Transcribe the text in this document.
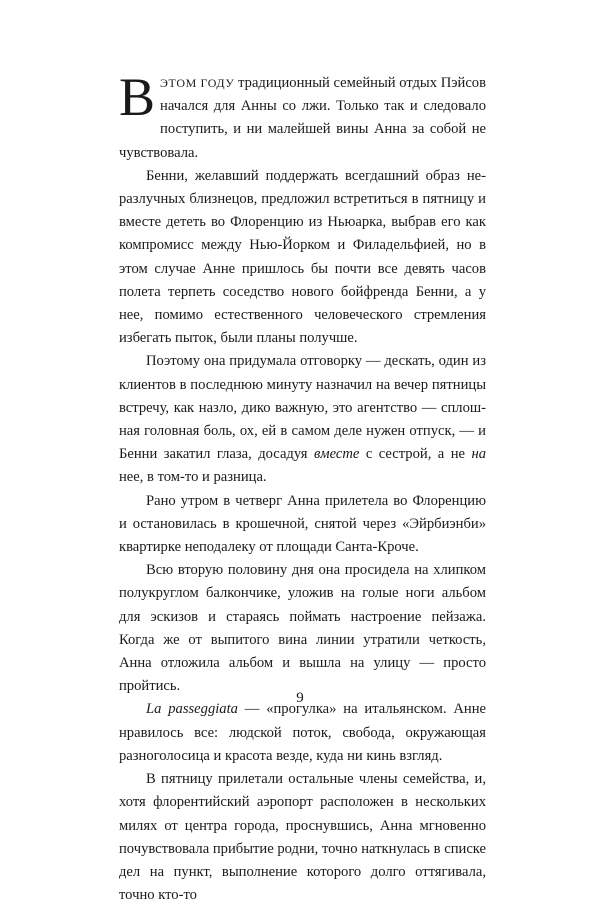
ВЭТОМ ГОДУ традиционный семейный отдых Пэйсов начался для Анны со лжи. Только так и следовало поступить, и ни малейшей вины Анна за собой не чувствовала.

Бенни, желавший поддержать всегдашний образ неразлучных близнецов, предложил встретиться в пятницу и вместе дететь во Флоренцию из Ньюарка, выбрав его как компромисс между Нью-Йорком и Филадельфией, но в этом случае Анне пришлось бы почти все девять часов полета терпеть соседство нового бойфренда Бенни, а у нее, помимо естественного человеческого стремления избегать пыток, были планы получше.

Поэтому она придумала отговорку — дескать, один из клиентов в последнюю минуту назначил на вечер пятницы встречу, как назло, дико важную, это агентство — сплошная головная боль, ох, ей в самом деле нужен отпуск, — и Бенни закатил глаза, досадуя вместе с сестрой, а не на нее, в том-то и разница.

Рано утром в четверг Анна прилетела во Флоренцию и остановилась в крошечной, снятой через «Эйрбиэнби» квартирке неподалеку от площади Санта-Кроче.

Всю вторую половину дня она просидела на хлипком полукруглом балкончике, уложив на голые ноги альбом для эскизов и стараясь поймать настроение пейзажа. Когда же от выпитого вина линии утратили четкость, Анна отложила альбом и вышла на улицу — просто пройтись.

La passeggiata — «прогулка» на итальянском. Анне нравилось все: людской поток, свобода, окружающая разноголосица и красота везде, куда ни кинь взгляд.

В пятницу прилетали остальные члены семейства, и, хотя флорентийский аэропорт расположен в нескольких милях от центра города, проснувшись, Анна мгновенно почувствовала прибытие родни, точно наткнулась в списке дел на пункт, выполнение которого долго оттягивала, точно кто-то

9
